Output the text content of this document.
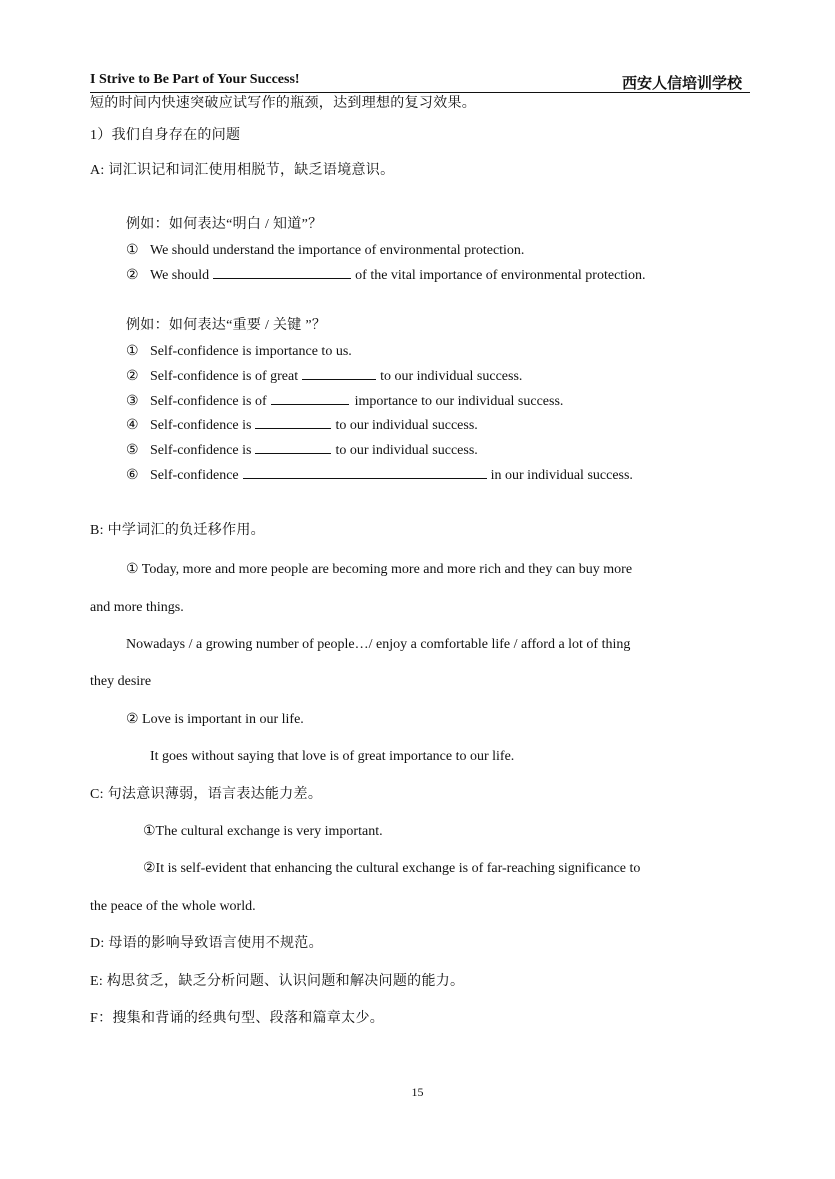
I Strive to Be Part of Your Success!	西安人信培训学校
短的时间内快速突破应试写作的瓶颈，达到理想的复习效果。
1）我们自身存在的问题
A: 词汇识记和词汇使用相脱节，缺乏语境意识。
例如：如何表达“明白 / 知道”？
① We should understand the importance of environmental protection.
② We should	of the vital importance of environmental protection.
例如：如何表达“重要 / 关键 ”？
① Self-confidence is importance to us.
② Self-confidence is of great	to our individual success.
③ Self-confidence is of	importance to our individual success.
④ Self-confidence is	to our individual success.
⑤ Self-confidence is	to our individual success.
⑥ Self-confidence	in our individual success.
B: 中学词汇的负迁移作用。
① Today, more and more people are becoming more and more rich and they can buy more
and more things.
Nowadays / a growing number of people…/ enjoy a comfortable life / afford a lot of thing
they desire
② Love is important in our life.
It goes without saying that love is of great importance to our life.
C: 句法意识薄弱，语言表达能力差。
①The cultural exchange is very important.
②It is self-evident that enhancing the cultural exchange is of far-reaching significance to
the peace of the whole world.
D: 母语的影响导致语言使用不规范。
E: 构思贫乏，缺乏分析问题、认识问题和解决问题的能力。
F：搜集和背诵的经典句型、段落和篇章太少。
15
